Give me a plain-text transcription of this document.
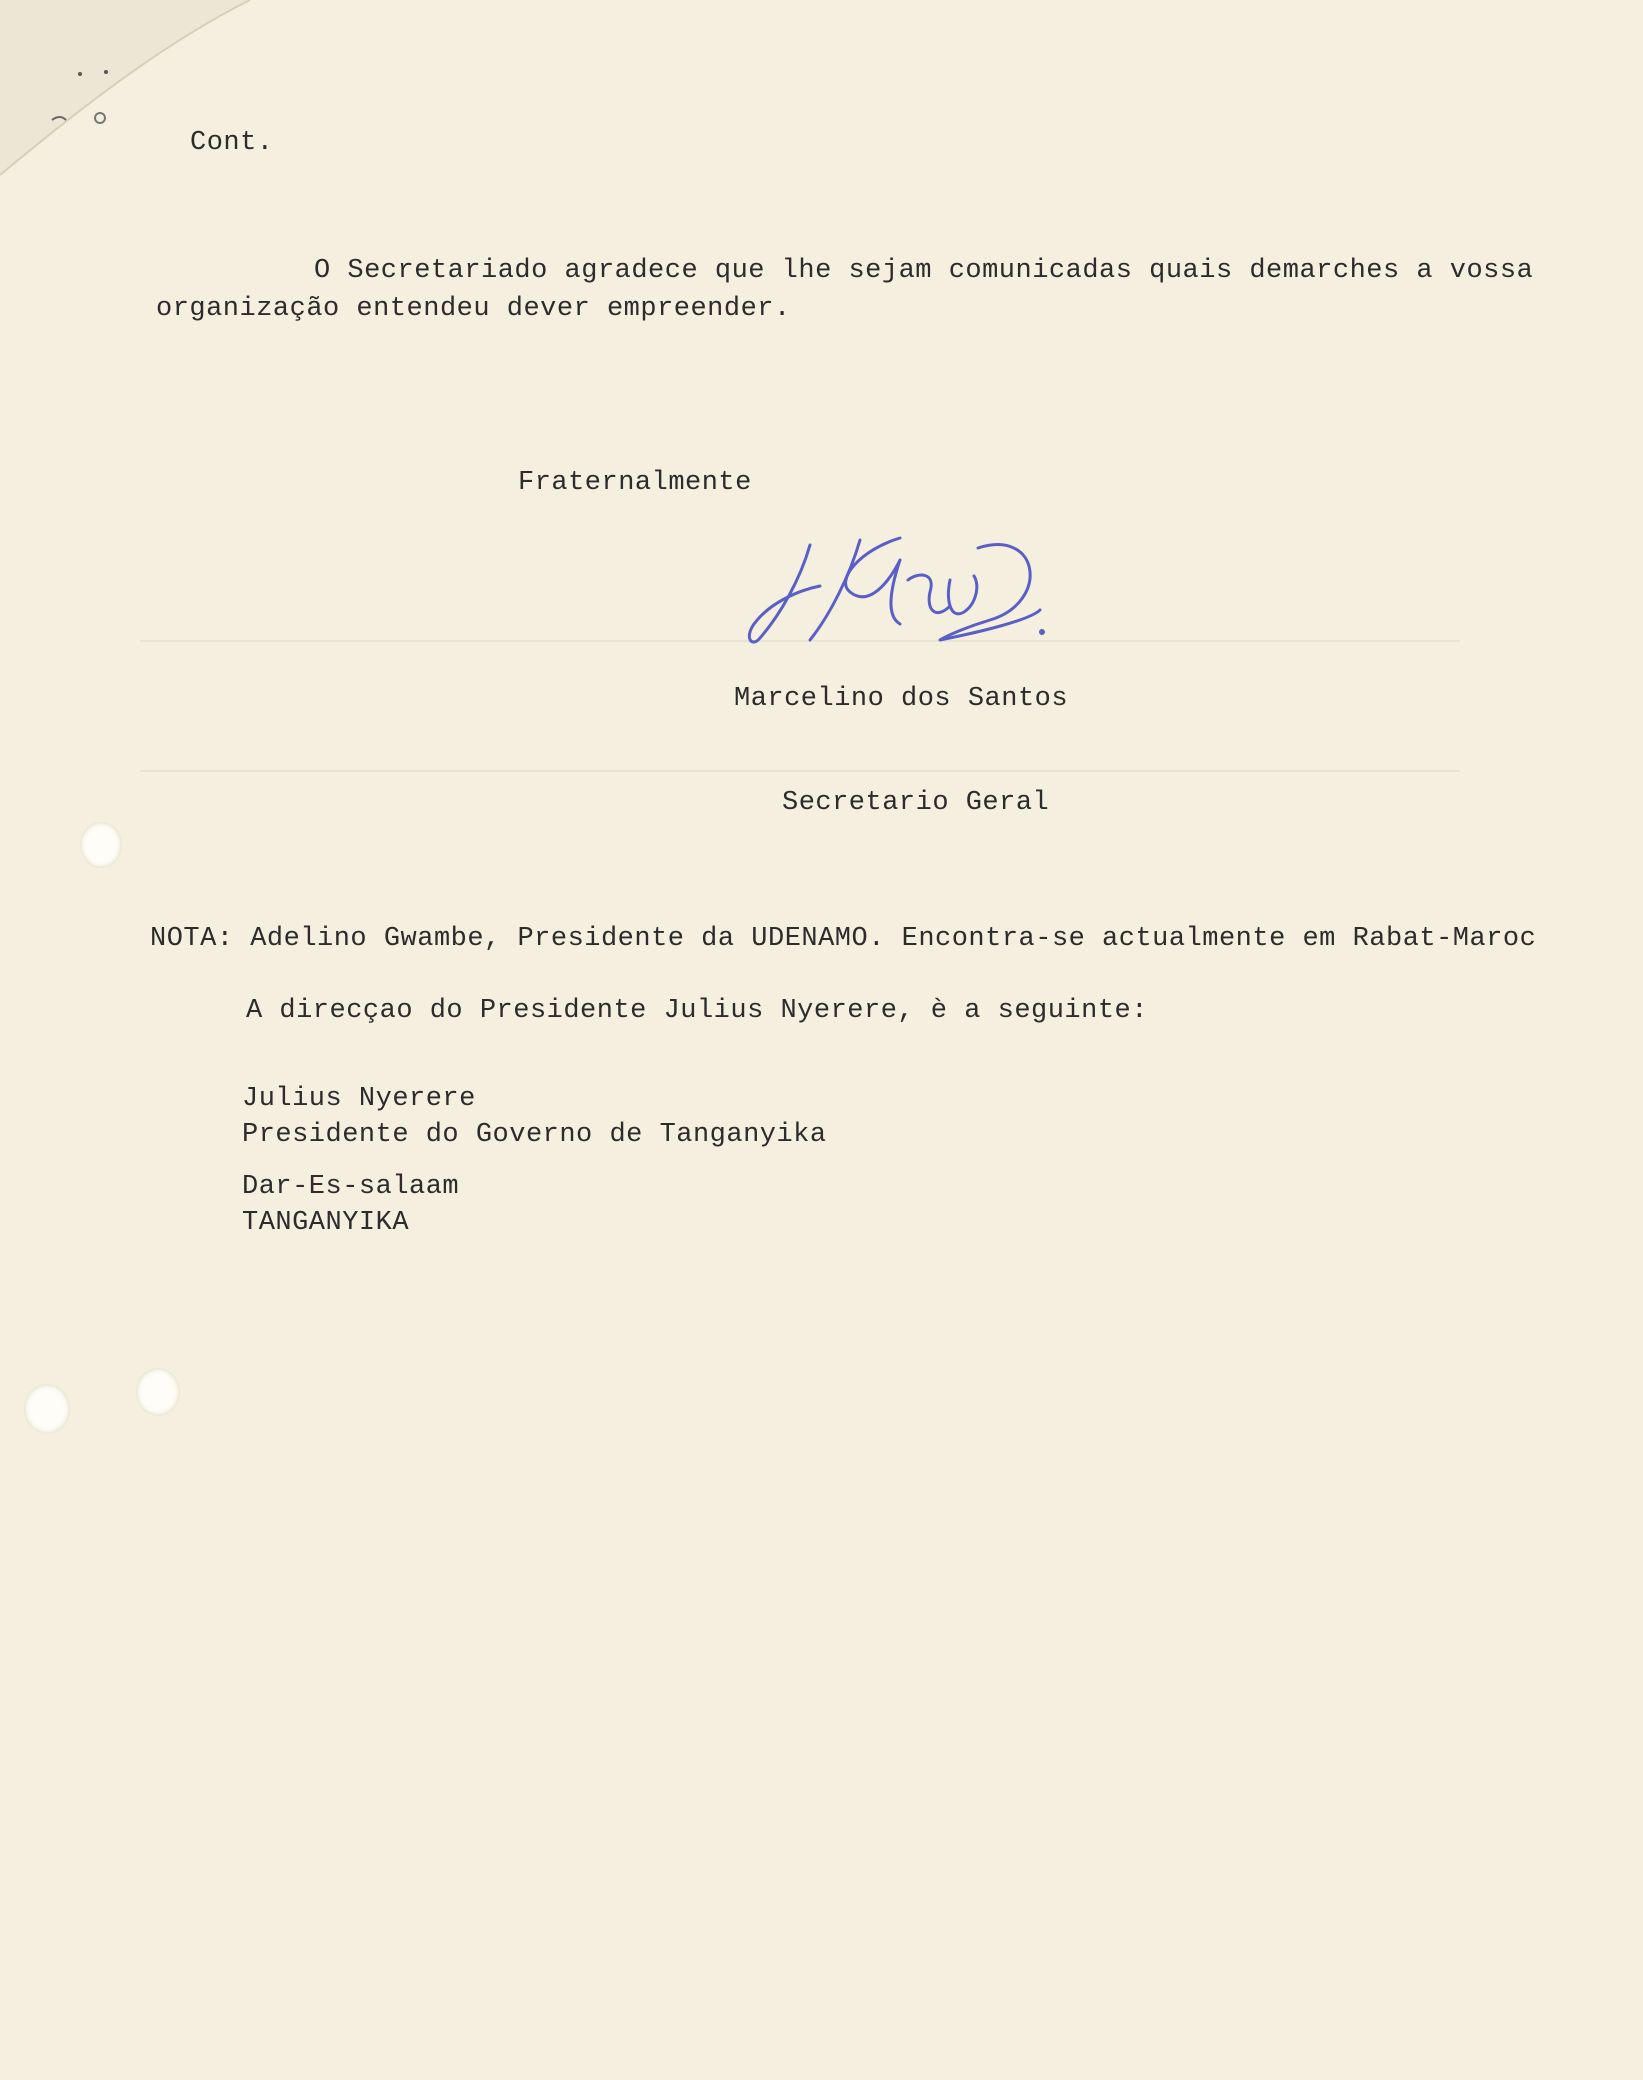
Cont.
O Secretariado agradece que lhe sejam comunicadas quais demarches a vossa
organização entendeu dever empreender.
Fraternalmente
Marcelino dos Santos
Secretario Geral
NOTA: Adelino Gwambe, Presidente da UDENAMO. Encontra-se actualmente em Rabat-Maroc
A direcçao do Presidente Julius Nyerere, è a seguinte:
Julius Nyerere
Presidente do Governo de Tanganyika
Dar-Es-salaam
TANGANYIKA
